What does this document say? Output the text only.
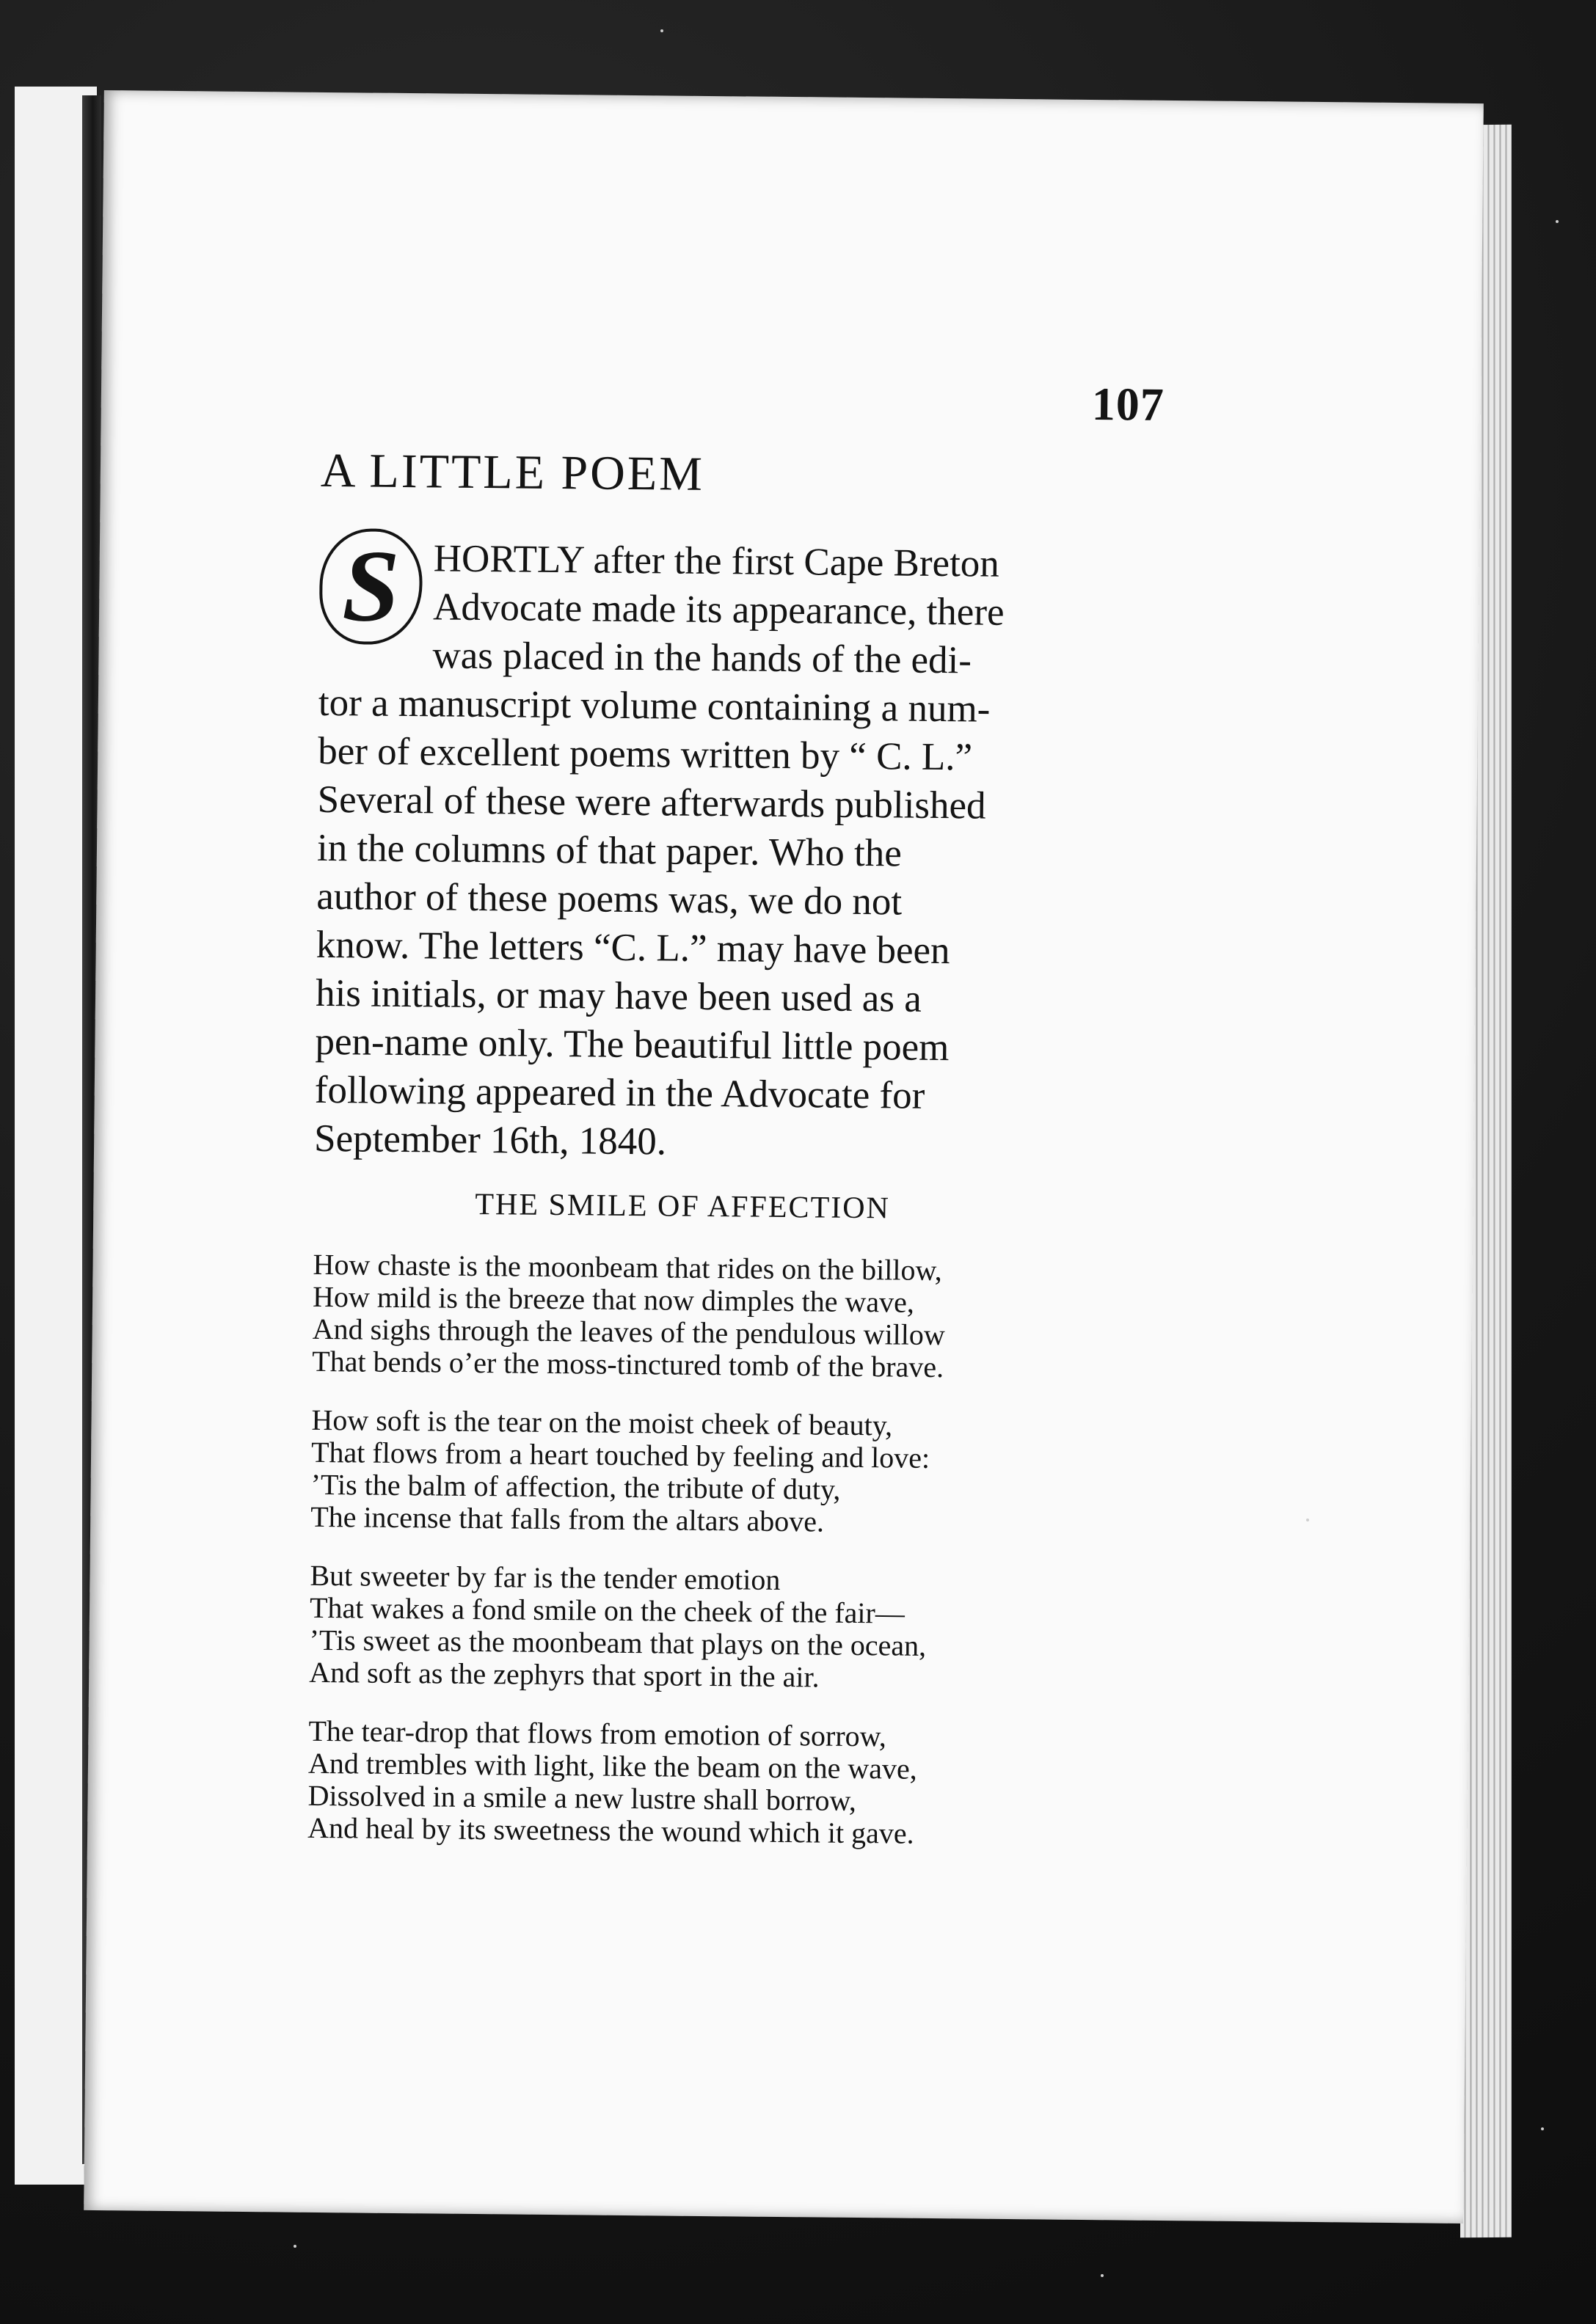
107
A LITTLE POEM
S HORTLY after the first Cape Breton
Advocate made its appearance, there
was placed in the hands of the edi-
tor a manuscript volume containing a num-
ber of excellent poems written by “ C. L.”
Several of these were afterwards published
in the columns of that paper. Who the
author of these poems was, we do not
know. The letters “C. L.” may have been
his initials, or may have been used as a
pen-name only. The beautiful little poem
following appeared in the Advocate for
September 16th, 1840.
THE SMILE OF AFFECTION
How chaste is the moonbeam that rides on the billow,
How mild is the breeze that now dimples the wave,
And sighs through the leaves of the pendulous willow
That bends o’er the moss-tinctured tomb of the brave.
How soft is the tear on the moist cheek of beauty,
That flows from a heart touched by feeling and love:
’Tis the balm of affection, the tribute of duty,
The incense that falls from the altars above.
But sweeter by far is the tender emotion
That wakes a fond smile on the cheek of the fair—
’Tis sweet as the moonbeam that plays on the ocean,
And soft as the zephyrs that sport in the air.
The tear-drop that flows from emotion of sorrow,
And trembles with light, like the beam on the wave,
Dissolved in a smile a new lustre shall borrow,
And heal by its sweetness the wound which it gave.
